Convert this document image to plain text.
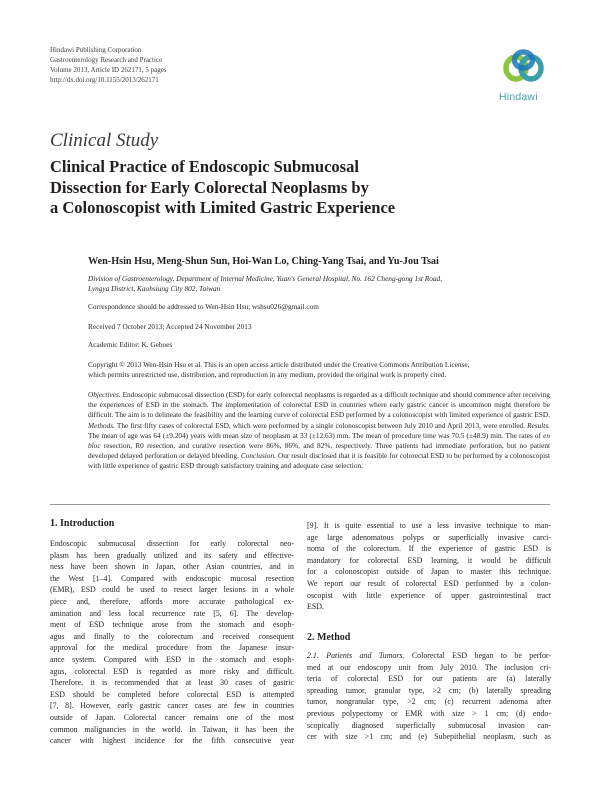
Hindawi Publishing Corporation
Gastroenterology Research and Practice
Volume 2013, Article ID 262171, 5 pages
http://dx.doi.org/10.1155/2013/262171
Hindawi
Clinical Study
Clinical Practice of Endoscopic Submucosal
Dissection for Early Colorectal Neoplasms by
a Colonoscopist with Limited Gastric Experience
Wen-Hsin Hsu, Meng-Shun Sun, Hoi-Wan Lo, Ching-Yang Tsai, and Yu-Jou Tsai
Division of Gastroenterology, Department of Internal Medicine, Yuan's General Hospital, No. 162 Cheng-gong 1st Road,
Lyngya District, Kaohsiung City 802, Taiwan
Correspondence should be addressed to Wen-Hsin Hsu; wshsu026@gmail.com
Received 7 October 2013; Accepted 24 November 2013
Academic Editor: K. Geboes
Copyright © 2013 Wen-Hsin Hsu et al. This is an open access article distributed under the Creative Commons Attribution License,
which permits unrestricted use, distribution, and reproduction in any medium, provided the original work is properly cited.
Objectives. Endoscopic submucosal dissection (ESD) for early colorectal neoplasms is regarded as a difficult technique and should commence after receiving the experiences of ESD in the stomach. The implementation of colorectal ESD in countries where early gastric cancer is uncommon might therefore be difficult. The aim is to delineate the feasibility and the learning curve of colorectal ESD performed by a colonoscopist with limited experience of gastric ESD. Methods. The first fifty cases of colorectal ESD, which were performed by a single colonoscopist between July 2010 and April 2013, were enrolled. Results. The mean of age was 64 (±9.204) years with mean size of neoplasm at 33 (±12.63) mm. The mean of procedure time was 70.5 (±48.9) min. The rates of en bloc resection, R0 resection, and curative resection were 86%, 86%, and 82%, respectively. Three patients had immediate perforation, but no patient developed delayed perforation or delayed bleeding. Conclusion. Our result disclosed that it is feasible for colorectal ESD to be performed by a colonoscopist with little experience of gastric ESD through satisfactory training and adequate case selection.
1. Introduction
Endoscopic submucosal dissection for early colorectal neo-
plasm has been gradually utilized and its safety and effective-
ness have been shown in Japan, other Asian countries, and in
the West [1–4]. Compared with endoscopic mucosal resection
(EMR), ESD could be used to resect larger lesions in a whole
piece and, therefore, affords more accurate pathological ex-
amination and less local recurrence rate [5, 6]. The develop-
ment of ESD technique arose from the stomach and esoph-
agus and finally to the colorectum and received consequent
approval for the medical procedure from the Japanese insur-
ance system. Compared with ESD in the stomach and esoph-
agus, colorectal ESD is regarded as more risky and difficult.
Therefore, it is recommended that at least 30 cases of gastric
ESD should be completed before colorectal ESD is attempted
[7, 8]. However, early gastric cancer cases are few in countries
outside of Japan. Colorectal cancer remains one of the most
common malignancies in the world. In Taiwan, it has been the
cancer with highest incidence for the fifth consecutive year
[9]. It is quite essential to use a less invasive technique to man-
age large adenomatous polyps or superficially invasive carci-
noma of the colorectum. If the experience of gastric ESD is
mandatory for colorectal ESD learning, it would be difficult
for a colonoscopist outside of Japan to master this technique.
We report our result of colorectal ESD performed by a colon-
oscopist with little experience of upper gastrointestinal tract
ESD.
2. Method
2.1. Patients and Tumors. Colorectal ESD began to be perfor-
med at our endoscopy unit from July 2010. The inclusion cri-
teria of colorectal ESD for our patients are (a) laterally
spreading tumor, granular type, >2 cm; (b) laterally spreading
tumor, nongranular type, >2 cm; (c) recurrent adenoma after
previous polypectomy or EMR with size > 1 cm; (d) endo-
scopically diagnosed superficially submucosal invasion can-
cer with size >1 cm; and (e) Subepithelial neoplasm, such as
